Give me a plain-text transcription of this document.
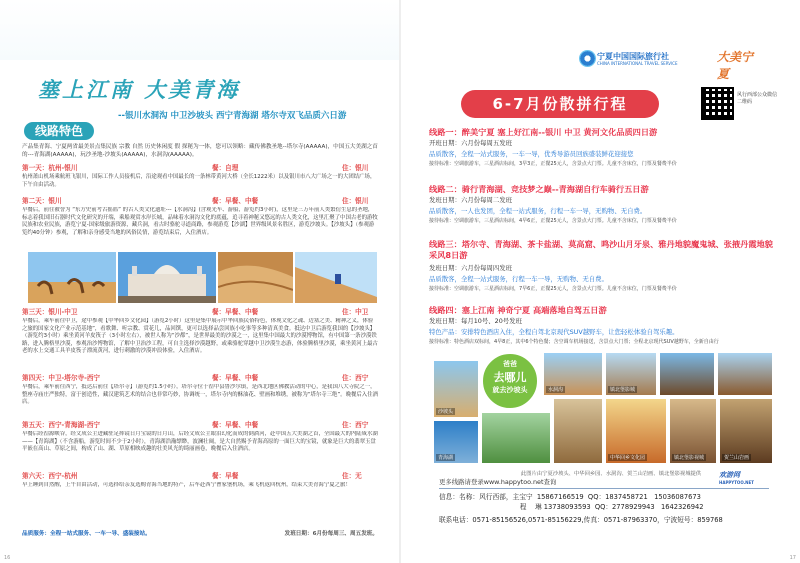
塞上江南 大美青海
--银川水洞沟 中卫沙坡头 西宁青海湖 塔尔寺双飞品质六日游
线路特色
产品集青海、宁夏两省最美景点集民族 宗教 自然 历史休闲度 假 探秘为一体，您可以领略：藏传佛教圣地--塔尔寺(AAAAA)，中国五大美湖之首的---青海湖(AAAAA)，玩沙圣地-沙坡头(AAAAA)，水洞沟(AAAAA)。
第一天：杭州-银川	餐：自理	住：银川
杭州萧山机场乘航班飞银川，国际工作人员接机后，沿途观看中国最长的一条林带黄河大桥（全长1222米）以及银川市八大广场之一的大团结广场，下午自由活动。
第二天：银川	餐：早餐、中餐	住：银川
早餐后，前往被誉为 “东方史前考古摇篮” 的古人类文化遗址---【水洞沟】(含观光车、游船，游览约3小时)，这里是三万年前人类繁衍生息的圣地，标志着我国旧石器时代文化研究的开端，乘船观赏水岸长城，品味着水洞沟文化的底蕴，追寻着神秘又悠远的古人类文化，这里汇聚了中国古老的游牧民族和农业民族，游览宁夏-国家级旅游资源，藏兵洞，看古时骆驼寻道商路，参观游览【沙湖】世界级风景名胜区，游览沙坡头。【沙坡头】（参观游览约40分钟）参观，了解和亲身感受当地的风俗民情，游览结束后，入住酒店。
第三天：银川-中卫	餐：早餐、中餐	住：中卫
早餐后，乘车前往中卫，途中参观【中华回乡文化园】（游览2小时）这里是集中展示中华回族民俗特色，体现文化之魂、边塞之美、精神之义，体验之旅的国家文化产业示范基地”，看歌舞、听宗教、赏花儿，品回馔，更可以选择品尝回族小吃事等多种清真美食。抵达中卫后游览我国的【沙坡头】（游览约3小时）乘坐黄河羊皮筏子（3小时左右），被世人称为“沙都”，是世界最美的沙漠之一，这里集中国最大的沙漠博物馆，有中国第一条沙漠铁路，进入腾格里沙漠，参观治沙博物馆，了解中卫治沙工程，可自主选择沙漠越野，或乘骆驼穿越中卫沙漠生态游，体验腾格里沙漠，乘坐黄河上最古老的水上交通工具羊皮筏子漂流黄河，进行刺激的沙漠冲浪体验，入住酒店。
第四天：中卫-塔尔寺-西宁	餐：早餐、中餐	住：西宁
早餐后，乘车前往西宁，抵达后前往【塔尔寺】（游览约1.5小时），塔尔寺位于湟中县鲁沙尔镇，是西北地区佛教活动的中心，是我国八大寺院之一，整座寺庙庄严独特，富于创造性，藏汉建筑艺术的结合也非常巧妙，协调统一，塔尔寺内的酥油花、壁画和堆绣，被称为“塔尔寺三绝”。晚餐后入住酒店。
第五天：西宁-青海湖-西宁	餐：早餐、中餐	住：西宁
早餐后经湟源峡谷，经文成公主进藏驻足摔镜日月宝镜的日月山，后经文成公主眼泪幻化而成的倒淌河，赴中国五大美湖之首，全国最大的内陆咸水湖——【青海湖】（不含游船，游览时间不少于2小时），青海湖浩瀚缥缈，波澜壮阔，是大自然赐予青海高原的一面巨大的宝镜，就象是巨大的翡翠玉盘平嵌在高山、草原之间，构成了山、湖、草原相映成趣的壮美风光的绮丽画卷，晚餐后入住酒店。
第六天：西宁-杭州	餐：早餐	住：无
早上睡到自然醒，上午自由活动，可选择给亲友选购青海当地的特产，后车赴西宁曹家堡机场，乘飞机返回杭州，结束大美青海宁夏之旅！
品质服务：全程一站式服务、一车一导、盛装接站。	发班日期：6月份每周三、周五发班。
16
宁夏中国国际旅行社
CHINA INTERNATIONAL TRAVEL SERVICE	大美宁夏
6-7月份散拼行程	风行西部公众微信二维码
线路一：醉美宁夏 塞上好江南--银川 中卫 黄河文化品质四日游
开班日期：六月份每周五发班
品质散客，全程一站式服务，一车一导，优秀导游员回族盛装鲜花迎接您
接待标准：空调旅游车，三星酒店标间，3早3正，正餐25元人，含景点大门票。儿童不含床位，门票及餐费半价
线路二：骑行青海湖、竞技梦之巅--青海湖自行车骑行五日游
发班日期：六月份每周二发班
品质散客，一人也发团，全程一站式服务，行程一车一导，无购物、无自费。
接待标准：空调旅游车，三星酒店标间，4早6正，正餐25元人，含景点大门票。儿童不含床位，门票及餐费半价
线路三：塔尔寺、青海湖、茶卡盐湖、莫高窟、鸣沙山月牙泉、雅丹地貌魔鬼城、张掖丹霞地貌采风8日游
发班日期：六月份每周四发班
品质散客，全程一站式服务，行程一车一导，无购物、无自费。
接待标准：空调旅游车，三星酒店标间，7早6正，正餐25元人，含景点大门票。儿童不含床位，门票及餐费半价
线路四：塞上江南 神奇宁夏 高端落地自驾五日游
发班日期：每月10号、20号发班
特色产品：安排特色酒店入住，全程自驾北京现代SUV越野车，让您轻松体验自驾乐趣。
接待标准：特色酒店双标间，4早8正，其中6个特色餐；含空调车机场接送，含景点大门票；全程北京现代SUV越野车，全新自由行
沙坡头
爸爸
去哪儿
就去沙坡头	水洞沟	镇北堡影城
青海湖	中华回乡文化园	镇北堡影视城	贺兰山岩画
此图片由宁夏沙坡头、中华回乡园、水洞沟、贺兰山岩画、镇北堡影视城提供
更多线路请登录www.happytoo.net查询
欢游网
HAPPYTOO.NET
信息：名称：风行西部，主宝宁  15867166519  QQ：1837458721   15036087673
程    琳 13738093593  QQ：2778929943   1642326942
联系电话：0571-85156526,0571-85156229,传真：0571-87963370，宁波短号：859768
17
